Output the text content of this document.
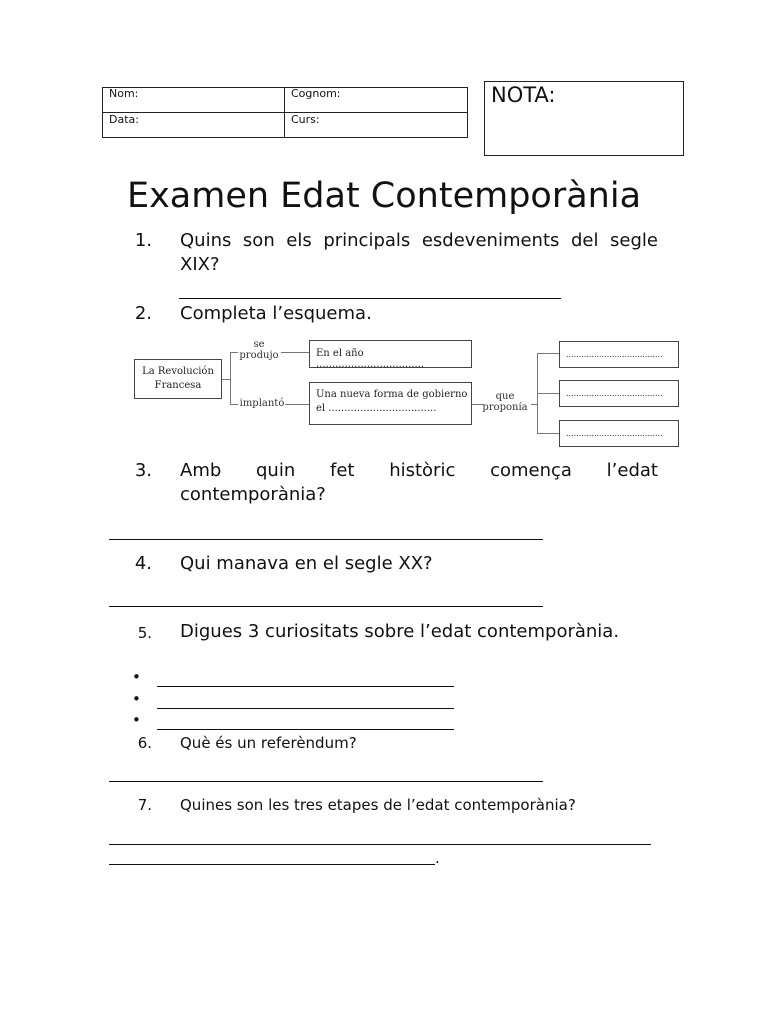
Nom:	Cognom:
Data:	Curs:
NOTA:
Examen Edat Contemporània
1. Quins son els principals esdeveniments del segle XIX?
2. Completa l’esquema.
La Revolución Francesa
se produjo
implantó
En el año ..................................
Una nueva forma de gobierno el ..................................
que proponía
......................................
......................................
......................................
3. Amb quin fet històric comença l’edat contemporània?
4. Qui manava en el segle XX?
5. Digues 3 curiositats sobre l’edat contemporània.
•
•
•
6. Què és un referèndum?
7. Quines son les tres etapes de l’edat contemporània?
.
